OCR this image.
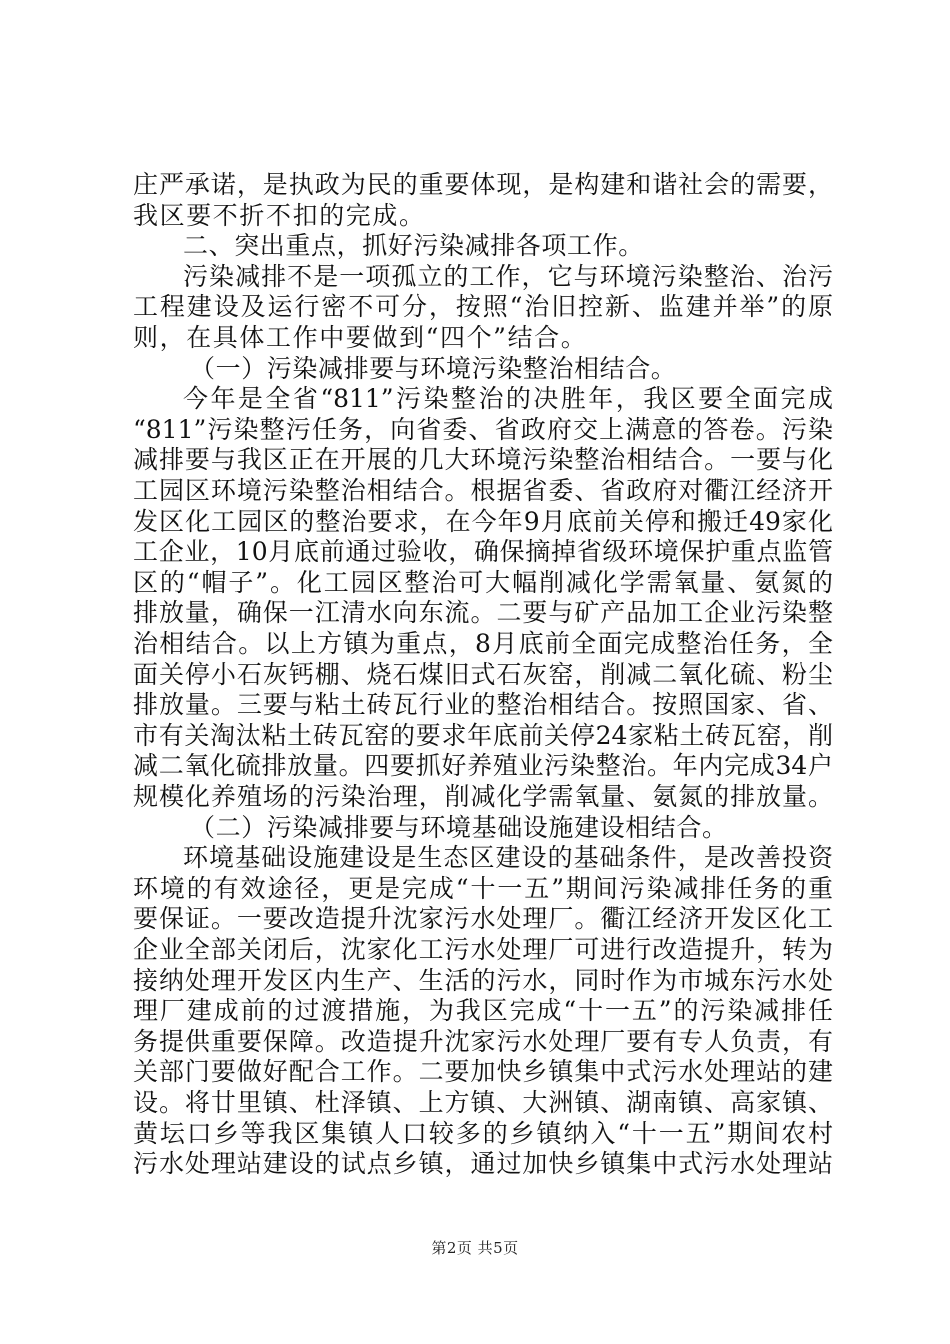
庄严承诺，是执政为民的重要体现，是构建和谐社会的需要，
我区要不折不扣的完成。
二、突出重点，抓好污染减排各项工作。
污染减排不是一项孤立的工作，它与环境污染整治、治污
工程建设及运行密不可分，按照“治旧控新、监建并举”的原
则，在具体工作中要做到“四个”结合。
（一）污染减排要与环境污染整治相结合。
今年是全省“811”污染整治的决胜年，我区要全面完成
“811”污染整污任务，向省委、省政府交上满意的答卷。污染
减排要与我区正在开展的几大环境污染整治相结合。一要与化
工园区环境污染整治相结合。根据省委、省政府对衢江经济开
发区化工园区的整治要求，在今年9月底前关停和搬迁49家化
工企业，10月底前通过验收，确保摘掉省级环境保护重点监管
区的“帽子”。化工园区整治可大幅削减化学需氧量、氨氮的
排放量，确保一江清水向东流。二要与矿产品加工企业污染整
治相结合。以上方镇为重点，8月底前全面完成整治任务，全
面关停小石灰钙棚、烧石煤旧式石灰窑，削减二氧化硫、粉尘
排放量。三要与粘土砖瓦行业的整治相结合。按照国家、省、
市有关淘汰粘土砖瓦窑的要求年底前关停24家粘土砖瓦窑，削
减二氧化硫排放量。四要抓好养殖业污染整治。年内完成34户
规模化养殖场的污染治理，削减化学需氧量、氨氮的排放量。
（二）污染减排要与环境基础设施建设相结合。
环境基础设施建设是生态区建设的基础条件，是改善投资
环境的有效途径，更是完成“十一五”期间污染减排任务的重
要保证。一要改造提升沈家污水处理厂。衢江经济开发区化工
企业全部关闭后，沈家化工污水处理厂可进行改造提升，转为
接纳处理开发区内生产、生活的污水，同时作为市城东污水处
理厂建成前的过渡措施，为我区完成“十一五”的污染减排任
务提供重要保障。改造提升沈家污水处理厂要有专人负责，有
关部门要做好配合工作。二要加快乡镇集中式污水处理站的建
设。将廿里镇、杜泽镇、上方镇、大洲镇、湖南镇、高家镇、
黄坛口乡等我区集镇人口较多的乡镇纳入“十一五”期间农村
污水处理站建设的试点乡镇，通过加快乡镇集中式污水处理站
第2页 共5页
